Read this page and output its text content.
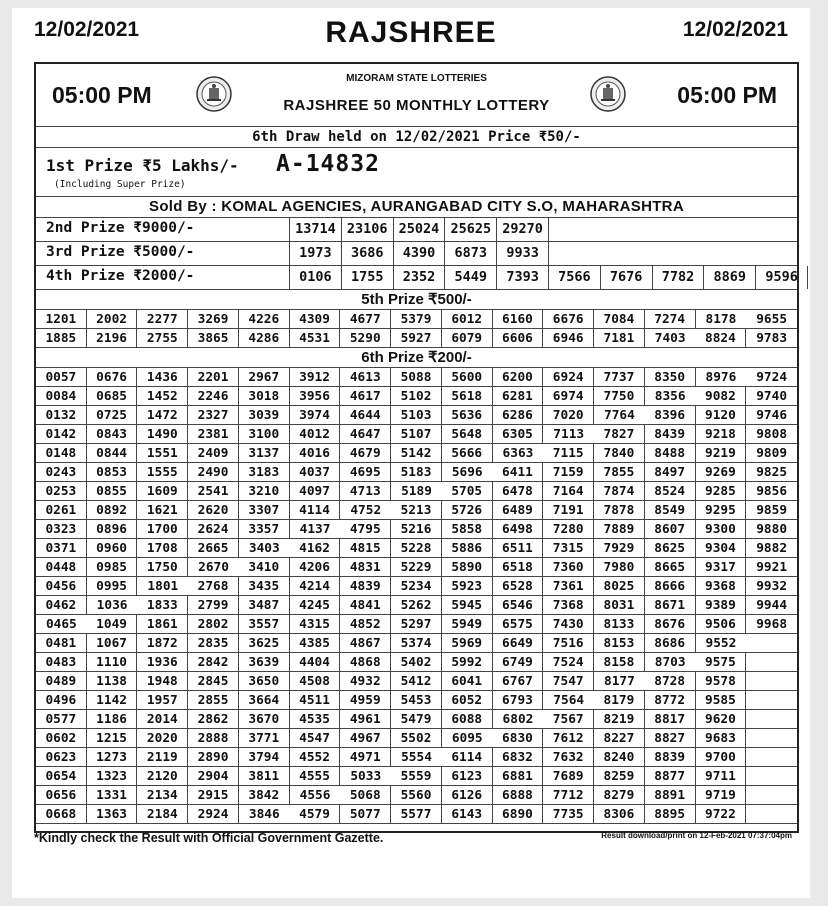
12/02/2021	RAJSHREE	12/02/2021
05:00 PM
MIZORAM STATE LOTTERIES
RAJSHREE 50 MONTHLY LOTTERY	05:00 PM
6th Draw held on 12/02/2021 Price ₹50/-
1st Prize ₹5 Lakhs/- A-14832
(Including Super Prize)
Sold By : KOMAL AGENCIES, AURANGABAD CITY S.O, MAHARASHTRA
2nd Prize ₹9000/-	13714 23106 25024 25625 29270
3rd Prize ₹5000/-	1973	3686	4390	6873	9933
4th Prize ₹2000/-	0106	1755	2352	5449	7393	7566	7676	7782	8869	9596
5th Prize ₹500/-
1201	2002	2277	3269	4226	4309	4677	5379	6012	6160	6676	7084	7274	8178	9655
1885	2196	2755	3865	4286	4531	5290	5927	6079	6606	6946	7181	7403	8824	9783
6th Prize ₹200/-
0057	0676	1436	2201	2967	3912	4613	5088	5600	6200	6924	7737	8350	8976	9724
0084	0685	1452	2246	3018	3956	4617	5102	5618	6281	6974	7750	8356	9082	9740
0132	0725	1472	2327	3039	3974	4644	5103	5636	6286	7020	7764	8396	9120	9746
0142	0843	1490	2381	3100	4012	4647	5107	5648	6305	7113	7827	8439	9218	9808
0148	0844	1551	2409	3137	4016	4679	5142	5666	6363	7115	7840	8488	9219	9809
0243	0853	1555	2490	3183	4037	4695	5183	5696	6411	7159	7855	8497	9269	9825
0253	0855	1609	2541	3210	4097	4713	5189	5705	6478	7164	7874	8524	9285	9856
0261	0892	1621	2620	3307	4114	4752	5213	5726	6489	7191	7878	8549	9295	9859
0323	0896	1700	2624	3357	4137	4795	5216	5858	6498	7280	7889	8607	9300	9880
0371	0960	1708	2665	3403	4162	4815	5228	5886	6511	7315	7929	8625	9304	9882
0448	0985	1750	2670	3410	4206	4831	5229	5890	6518	7360	7980	8665	9317	9921
0456	0995	1801	2768	3435	4214	4839	5234	5923	6528	7361	8025	8666	9368	9932
0462	1036	1833	2799	3487	4245	4841	5262	5945	6546	7368	8031	8671	9389	9944
0465	1049	1861	2802	3557	4315	4852	5297	5949	6575	7430	8133	8676	9506	9968
0481	1067	1872	2835	3625	4385	4867	5374	5969	6649	7516	8153	8686	9552
0483	1110	1936	2842	3639	4404	4868	5402	5992	6749	7524	8158	8703	9575
0489	1138	1948	2845	3650	4508	4932	5412	6041	6767	7547	8177	8728	9578
0496	1142	1957	2855	3664	4511	4959	5453	6052	6793	7564	8179	8772	9585
0577	1186	2014	2862	3670	4535	4961	5479	6088	6802	7567	8219	8817	9620
0602	1215	2020	2888	3771	4547	4967	5502	6095	6830	7612	8227	8827	9683
0623	1273	2119	2890	3794	4552	4971	5554	6114	6832	7632	8240	8839	9700
0654	1323	2120	2904	3811	4555	5033	5559	6123	6881	7689	8259	8877	9711
0656	1331	2134	2915	3842	4556	5068	5560	6126	6888	7712	8279	8891	9719
0668	1363	2184	2924	3846	4579	5077	5577	6143	6890	7735	8306	8895	9722
*Kindly check the Result with Official Government Gazette.	Result download/print on 12-Feb-2021 07:37:04pm
